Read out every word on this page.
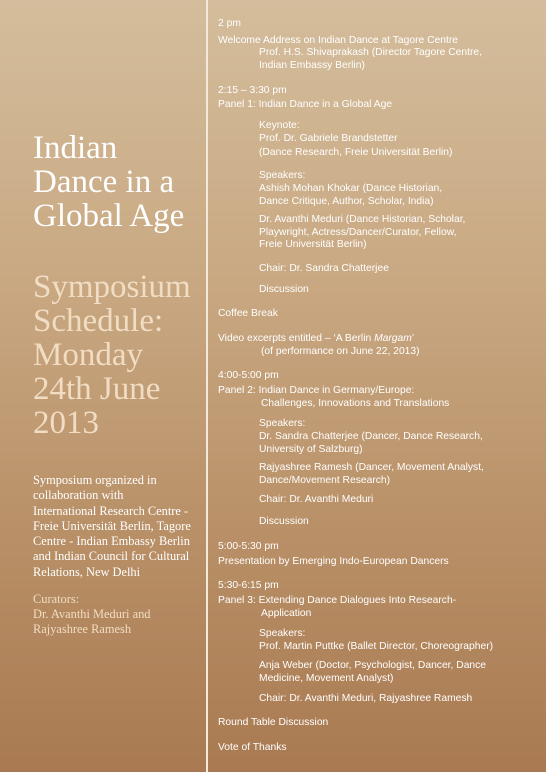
Indian
Dance in a
Global Age
Symposium
Schedule:
Monday
24th June
2013
Symposium organized in
collaboration with
International Research Centre -
Freie Universität Berlin, Tagore
Centre - Indian Embassy Berlin
and Indian Council for Cultural
Relations, New Delhi
Curators:
Dr. Avanthi Meduri and
Rajyashree Ramesh
2 pm
Welcome Address on Indian Dance at Tagore Centre
Prof. H.S. Shivaprakash (Director Tagore Centre,
Indian Embassy Berlin)
2:15 – 3:30 pm
Panel 1: Indian Dance in a Global Age
Keynote:
Prof. Dr. Gabriele Brandstetter
(Dance Research, Freie Universität Berlin)
Speakers:
Ashish Mohan Khokar (Dance Historian,
Dance Critique, Author, Scholar, India)
Dr. Avanthi Meduri (Dance Historian, Scholar,
Playwright, Actress/Dancer/Curator, Fellow,
Freie Universität Berlin)
Chair: Dr. Sandra Chatterjee
Discussion
Coffee Break
Video excerpts entitled – ‘A Berlin Margam’
(of performance on June 22, 2013)
4:00-5:00 pm
Panel 2: Indian Dance in Germany/Europe:
Challenges, Innovations and Translations
Speakers:
Dr. Sandra Chatterjee (Dancer, Dance Research,
University of Salzburg)
Rajyashree Ramesh (Dancer, Movement Analyst,
Dance/Movement Research)
Chair: Dr. Avanthi Meduri
Discussion
5:00-5:30 pm
Presentation by Emerging Indo-European Dancers
5:30-6:15 pm
Panel 3: Extending Dance Dialogues Into Research-
Application
Speakers:
Prof. Martin Puttke (Ballet Director, Choreographer)
Anja Weber (Doctor, Psychologist, Dancer, Dance
Medicine, Movement Analyst)
Chair: Dr. Avanthi Meduri, Rajyashree Ramesh
Round Table Discussion
Vote of Thanks
